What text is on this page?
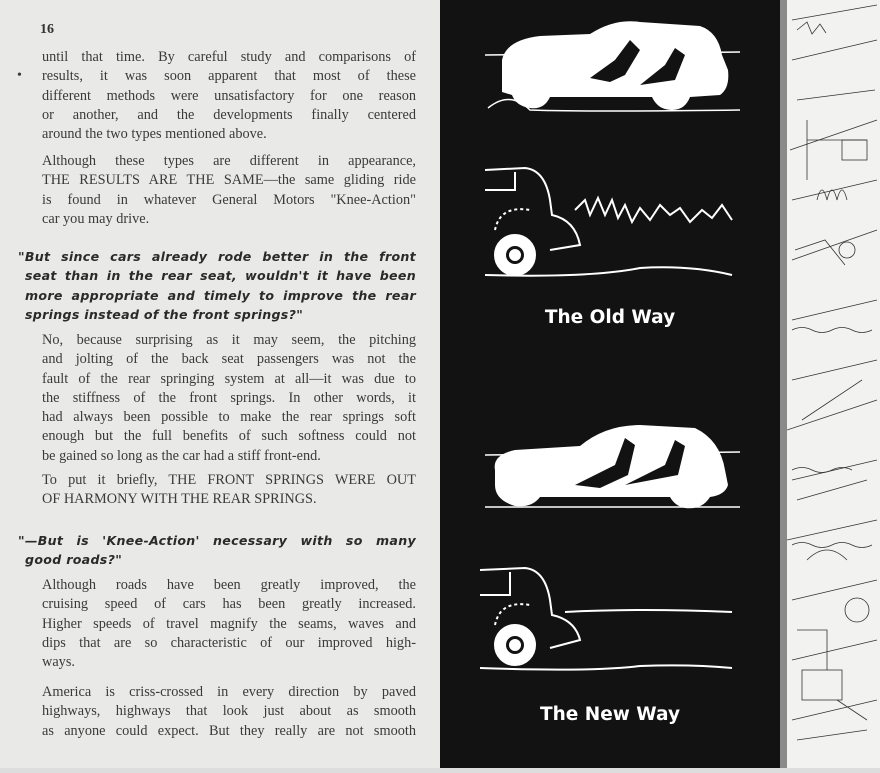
16
•
until that time. By careful study and comparisons of
results, it was soon apparent that most of these
different methods were unsatisfactory for one reason
or another, and the developments finally centered
around the two types mentioned above.
Although these types are different in appearance,
THE RESULTS ARE THE SAME—the same gliding ride
is found in whatever General Motors "Knee-Action"
car you may drive.
"But since cars already rode better in the front
seat than in the rear seat, wouldn't it have been
more appropriate and timely to improve the rear
springs instead of the front springs?"
No, because surprising as it may seem, the pitching
and jolting of the back seat passengers was not the
fault of the rear springing system at all—it was due to
the stiffness of the front springs. In other words, it
had always been possible to make the rear springs soft
enough but the full benefits of such softness could not
be gained so long as the car had a stiff front-end.
To put it briefly, THE FRONT SPRINGS WERE OUT
OF HARMONY WITH THE REAR SPRINGS.
"—But is 'Knee-Action' necessary with so many
good roads?"
Although roads have been greatly improved, the
cruising speed of cars has been greatly increased.
Higher speeds of travel magnify the seams, waves and
dips that are so characteristic of our improved high-
ways.
America is criss-crossed in every direction by paved
highways, highways that look just about as smooth
as anyone could expect. But they really are not smooth
The Old Way
The New Way
